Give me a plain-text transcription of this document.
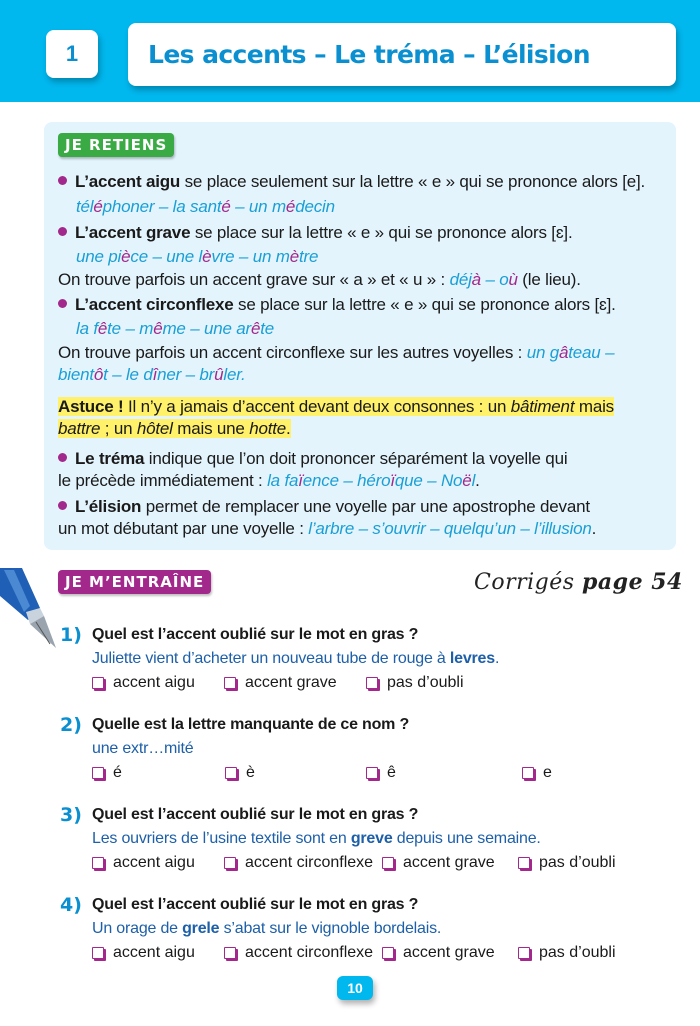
1	Les accents – Le tréma – L’élision
JE RETIENS
L’accent aigu se place seulement sur la lettre « e » qui se prononce alors [e].
téléphoner – la santé – un médecin
L’accent grave se place sur la lettre « e » qui se prononce alors [ɛ].
une pièce – une lèvre – un mètre
On trouve parfois un accent grave sur « a » et « u » : déjà – où (le lieu).
L’accent circonflexe se place sur la lettre « e » qui se prononce alors [ɛ].
la fête – même – une arête
On trouve parfois un accent circonflexe sur les autres voyelles : un gâteau –
bientôt – le dîner – brûler.
Astuce ! Il n’y a jamais d’accent devant deux consonnes : un bâtiment mais
battre ; un hôtel mais une hotte.
Le tréma indique que l’on doit prononcer séparément la voyelle qui
le précède immédiatement : la faïence – héroïque – Noël.
L’élision permet de remplacer une voyelle par une apostrophe devant
un mot débutant par une voyelle : l’arbre – s’ouvrir – quelqu’un – l’illusion.
JE M’ENTRAÎNE	Corrigés page 54
1) Quel est l’accent oublié sur le mot en gras ?
Juliette vient d’acheter un nouveau tube de rouge à levres.
accent aigu	accent grave	pas d’oubli
2) Quelle est la lettre manquante de ce nom ?
une extr…mité
é	è	ê	e
3) Quel est l’accent oublié sur le mot en gras ?
Les ouvriers de l’usine textile sont en greve depuis une semaine.
accent aigu	accent circonflexe accent grave	pas d’oubli
4) Quel est l’accent oublié sur le mot en gras ?
Un orage de grele s’abat sur le vignoble bordelais.
accent aigu	accent circonflexe accent grave	pas d’oubli
10
